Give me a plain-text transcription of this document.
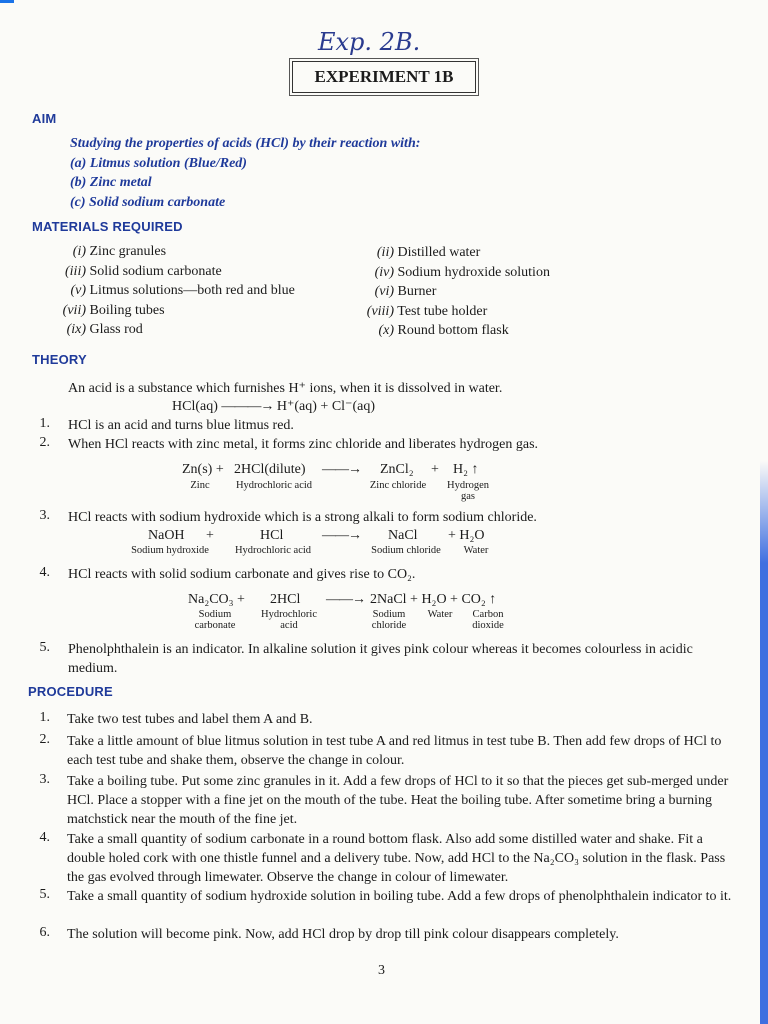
Exp. 2B.
EXPERIMENT 1B
AIM
Studying the properties of acids (HCl) by their reaction with:
(a) Litmus solution (Blue/Red)
(b) Zinc metal
(c) Solid sodium carbonate
MATERIALS REQUIRED
(i) Zinc granules
(iii) Solid sodium carbonate
(v) Litmus solutions—both red and blue
(vii) Boiling tubes
(ix) Glass rod
(ii) Distilled water
(iv) Sodium hydroxide solution
(vi) Burner
(viii) Test tube holder
(x) Round bottom flask
THEORY
An acid is a substance which furnishes H⁺ ions, when it is dissolved in water.
HCl(aq) ———→ H⁺(aq) + Cl⁻(aq)
1. HCl is an acid and turns blue litmus red.
2. When HCl reacts with zinc metal, it forms zinc chloride and liberates hydrogen gas.
Zn(s) + 2HCl(dilute) ——→ ZnCl₂ + H₂ ↑
Zinc	Hydrochloric acid	Zinc chloride	Hydrogen gas
3. HCl reacts with sodium hydroxide which is a strong alkali to form sodium chloride.
NaOH +	HCl	——→ NaCl + H₂O
Sodium hydroxide	Hydrochloric acid	Sodium chloride	Water
4. HCl reacts with solid sodium carbonate and gives rise to CO₂.
Na₂CO₃ + 2HCl ——→ 2NaCl + H₂O + CO₂ ↑
Sodium carbonate
Hydrochloric acid
Sodium chloride
Water	Carbon dioxide
5. Phenolphthalein is an indicator. In alkaline solution it gives pink colour whereas it becomes colourless in acidic medium.
PROCEDURE
1. Take two test tubes and label them A and B.
2. Take a little amount of blue litmus solution in test tube A and red litmus in test tube B. Then add few drops of HCl to each test tube and shake them, observe the change in colour.
3. Take a boiling tube. Put some zinc granules in it. Add a few drops of HCl to it so that the pieces get sub-merged under HCl. Place a stopper with a fine jet on the mouth of the tube. Heat the boiling tube. After sometime bring a burning matchstick near the mouth of the fine jet.
4. Take a small quantity of sodium carbonate in a round bottom flask. Also add some distilled water and shake. Fit a double holed cork with one thistle funnel and a delivery tube. Now, add HCl to the Na₂CO₃ solution in the flask. Pass the gas evolved through limewater. Observe the change in colour of limewater.
5. Take a small quantity of sodium hydroxide solution in boiling tube. Add a few drops of phenolphthalein indicator to it.
6. The solution will become pink. Now, add HCl drop by drop till pink colour disappears completely.
3
